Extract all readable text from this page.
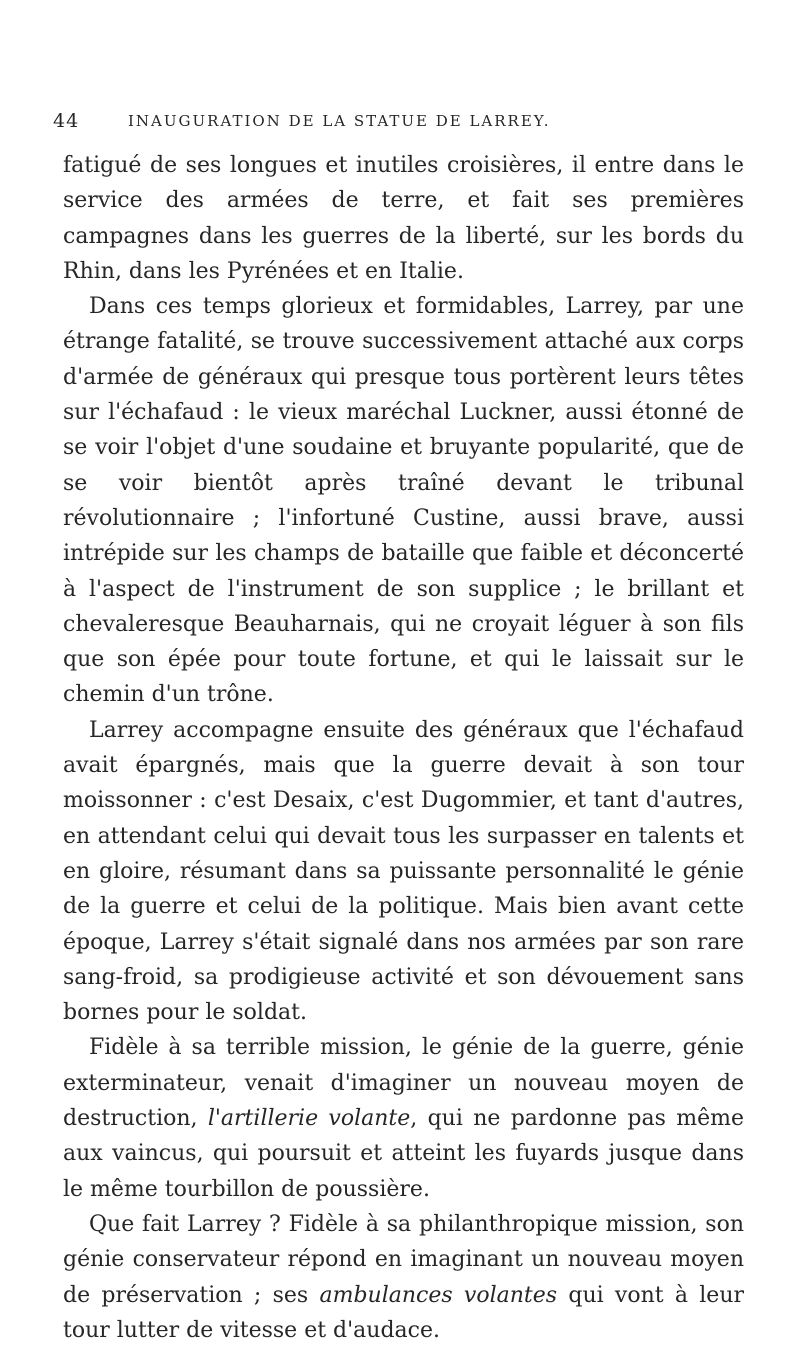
44	INAUGURATION DE LA STATUE DE LARREY.

fatigué de ses longues et inutiles croisières, il entre dans le service des armées de terre, et fait ses premières campagnes dans les guerres de la liberté, sur les bords du Rhin, dans les Pyrénées et en Italie.

Dans ces temps glorieux et formidables, Larrey, par une étrange fatalité, se trouve successivement attaché aux corps d'armée de généraux qui presque tous portèrent leurs têtes sur l'échafaud : le vieux maréchal Luckner, aussi étonné de se voir l'objet d'une soudaine et bruyante popularité, que de se voir bientôt après traîné devant le tribunal révolutionnaire ; l'infortuné Custine, aussi brave, aussi intrépide sur les champs de bataille que faible et déconcerté à l'aspect de l'instrument de son supplice ; le brillant et chevaleresque Beauharnais, qui ne croyait léguer à son fils que son épée pour toute fortune, et qui le laissait sur le chemin d'un trône.

Larrey accompagne ensuite des généraux que l'échafaud avait épargnés, mais que la guerre devait à son tour moissonner : c'est Desaix, c'est Dugommier, et tant d'autres, en attendant celui qui devait tous les surpasser en talents et en gloire, résumant dans sa puissante personnalité le génie de la guerre et celui de la politique. Mais bien avant cette époque, Larrey s'était signalé dans nos armées par son rare sang-froid, sa prodigieuse activité et son dévouement sans bornes pour le soldat.

Fidèle à sa terrible mission, le génie de la guerre, génie exterminateur, venait d'imaginer un nouveau moyen de destruction, l'artillerie volante, qui ne pardonne pas même aux vaincus, qui poursuit et atteint les fuyards jusque dans le même tourbillon de poussière.

Que fait Larrey ? Fidèle à sa philanthropique mission, son génie conservateur répond en imaginant un nouveau moyen de préservation ; ses ambulances volantes qui vont à leur tour lutter de vitesse et d'audace.
